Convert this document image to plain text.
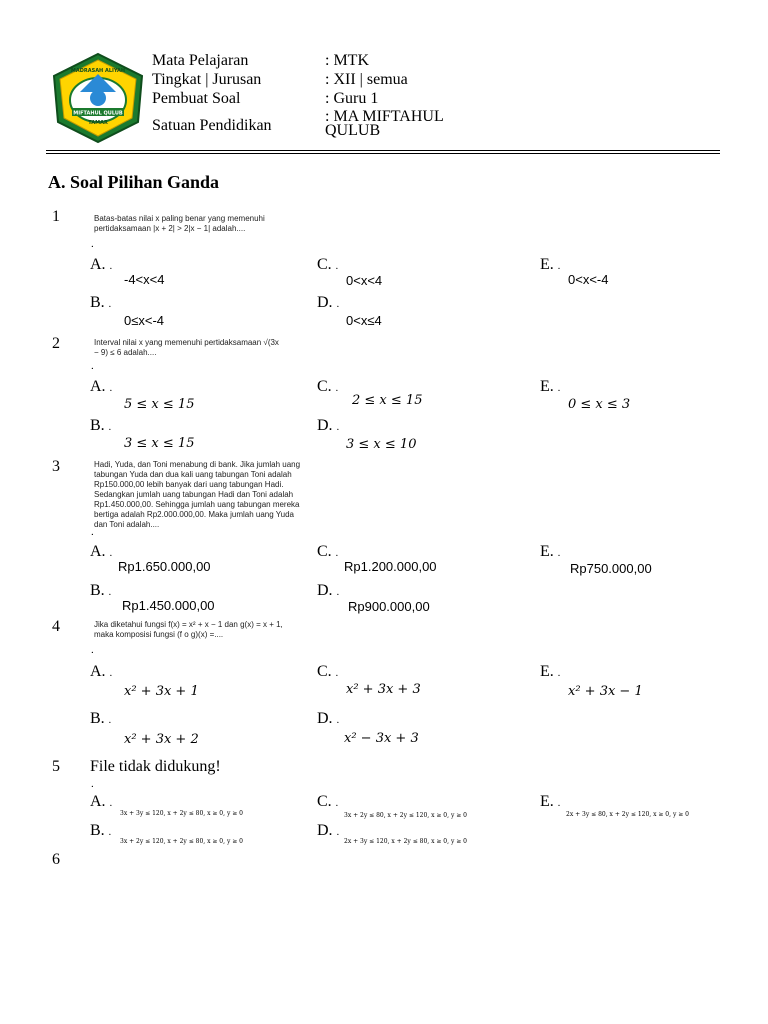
MADRASAH ALIYAH
MIFTAHUL QULUB
TAMAR
Mata Pelajaran	: MTK
Tingkat | Jurusan	: XII | semua
Pembuat Soal	: Guru 1
Satuan Pendidikan
: MA MIFTAHUL QULUB
A. Soal Pilihan Ganda
1	Batas-batas nilai x paling benar yang memenuhi pertidaksamaan |x + 2| > 2|x − 1| adalah....
.
A. .
-4<x<4
C. .
0<x<4
E. .
0<x<-4
B. .
0≤x<-4
D. .
0<x≤4
2	Interval nilai x yang memenuhi pertidaksamaan √(3x − 9) ≤ 6 adalah....
.
A. .
5 ≤ x ≤ 15
C. .
2 ≤ x ≤ 15
E. .
0 ≤ x ≤ 3
B. .
3 ≤ x ≤ 15
D. .
3 ≤ x ≤ 10
3	Hadi, Yuda, dan Toni menabung di bank. Jika jumlah uang tabungan Yuda dan dua kali uang tabungan Toni adalah Rp150.000,00 lebih banyak dari uang tabungan Hadi. Sedangkan jumlah uang tabungan Hadi dan Toni adalah Rp1.450.000,00. Sehingga jumlah uang tabungan mereka bertiga adalah Rp2.000.000,00. Maka jumlah uang Yuda dan Toni adalah....
.
A. .
Rp1.650.000,00
C. .
Rp1.200.000,00
E. .
Rp750.000,00
B. .
Rp1.450.000,00
D. .
Rp900.000,00
4	Jika diketahui fungsi f(x) = x² + x − 1 dan g(x) = x + 1, maka komposisi fungsi (f o g)(x) =....
.
A. .
x² + 3x + 1
C. .
x² + 3x + 3
E. .
x² + 3x − 1
B. .
x² + 3x + 2
D. .
x² − 3x + 3
5 File tidak didukung!
.
A. .
3x + 3y ≤ 120, x + 2y ≤ 80, x ≥ 0, y ≥ 0
C. .
3x + 2y ≤ 80, x + 2y ≤ 120, x ≥ 0, y ≥ 0
E. .
2x + 3y ≤ 80, x + 2y ≤ 120, x ≥ 0, y ≥ 0
B. .
3x + 2y ≤ 120, x + 2y ≤ 80, x ≥ 0, y ≥ 0
D. .
2x + 3y ≤ 120, x + 2y ≤ 80, x ≥ 0, y ≥ 0
6
